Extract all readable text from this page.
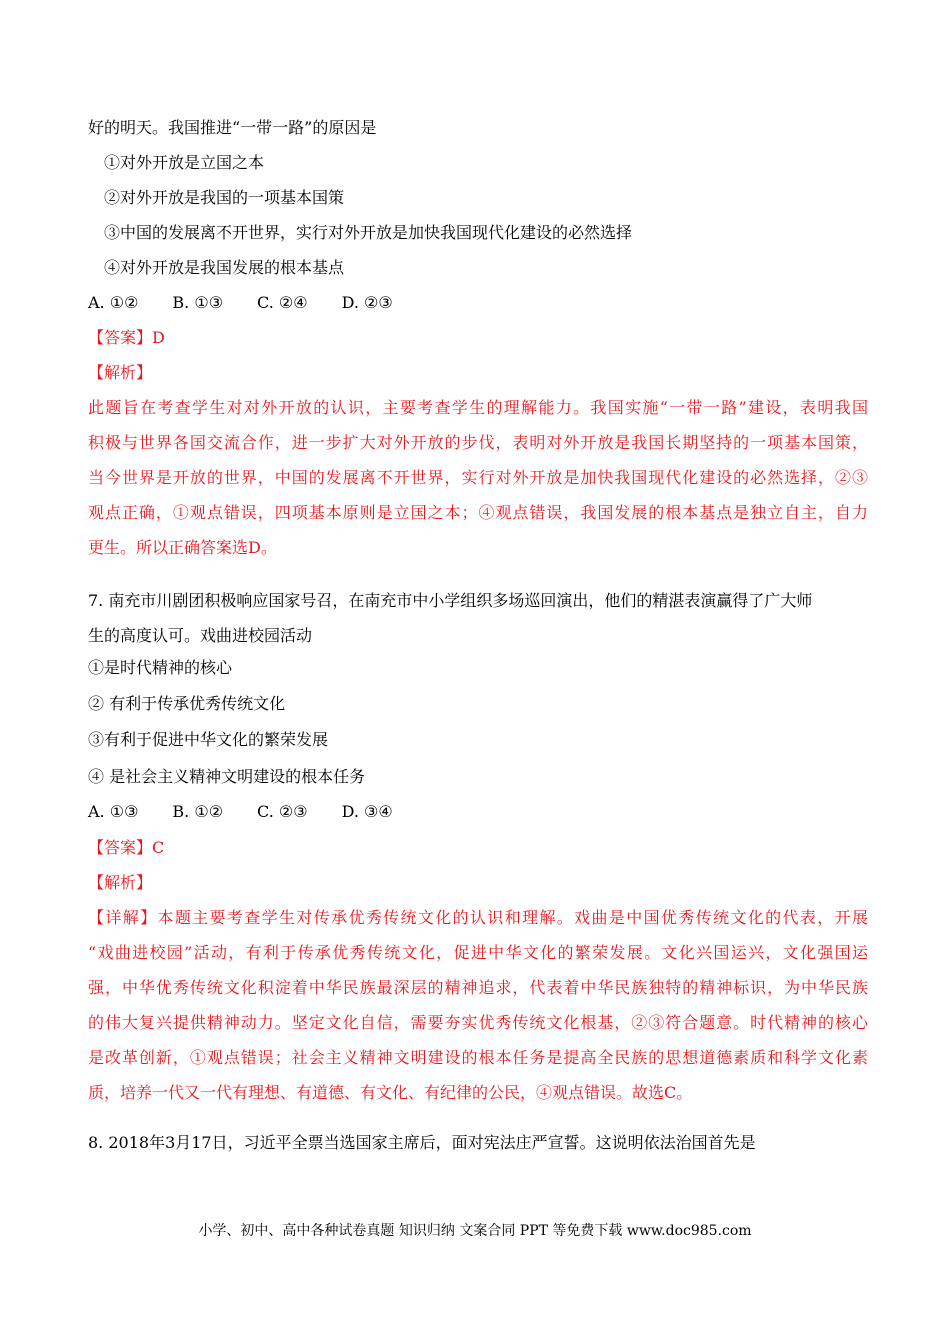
好的明天。我国推进“一带一路”的原因是
①对外开放是立国之本
②对外开放是我国的一项基本国策
③中国的发展离不开世界，实行对外开放是加快我国现代化建设的必然选择
④对外开放是我国发展的根本基点
A. ①② B. ①③ C. ②④ D. ②③
【答案】D
【解析】
此题旨在考查学生对对外开放的认识，主要考查学生的理解能力。我国实施“一带一路”建设，表明我国
积极与世界各国交流合作，进一步扩大对外开放的步伐，表明对外开放是我国长期坚持的一项基本国策，
当今世界是开放的世界，中国的发展离不开世界，实行对外开放是加快我国现代化建设的必然选择，②③
观点正确，①观点错误，四项基本原则是立国之本；④观点错误，我国发展的根本基点是独立自主，自力
更生。所以正确答案选D。
7. 南充市川剧团积极响应国家号召，在南充市中小学组织多场巡回演出，他们的精湛表演赢得了广大师
生的高度认可。戏曲进校园活动
①是时代精神的核心
② 有利于传承优秀传统文化
③有利于促进中华文化的繁荣发展
④ 是社会主义精神文明建设的根本任务
A. ①③ B. ①② C. ②③ D. ③④
【答案】C
【解析】
【详解】本题主要考查学生对传承优秀传统文化的认识和理解。戏曲是中国优秀传统文化的代表，开展
“戏曲进校园”活动，有利于传承优秀传统文化，促进中华文化的繁荣发展。文化兴国运兴，文化强国运
强，中华优秀传统文化积淀着中华民族最深层的精神追求，代表着中华民族独特的精神标识，为中华民族
的伟大复兴提供精神动力。坚定文化自信，需要夯实优秀传统文化根基，②③符合题意。时代精神的核心
是改革创新，①观点错误；社会主义精神文明建设的根本任务是提高全民族的思想道德素质和科学文化素
质，培养一代又一代有理想、有道德、有文化、有纪律的公民，④观点错误。故选C。
8. 2018年3月17日，习近平全票当选国家主席后，面对宪法庄严宣誓。这说明依法治国首先是
小学、初中、高中各种试卷真题 知识归纳 文案合同 PPT 等免费下载 www.doc985.com
